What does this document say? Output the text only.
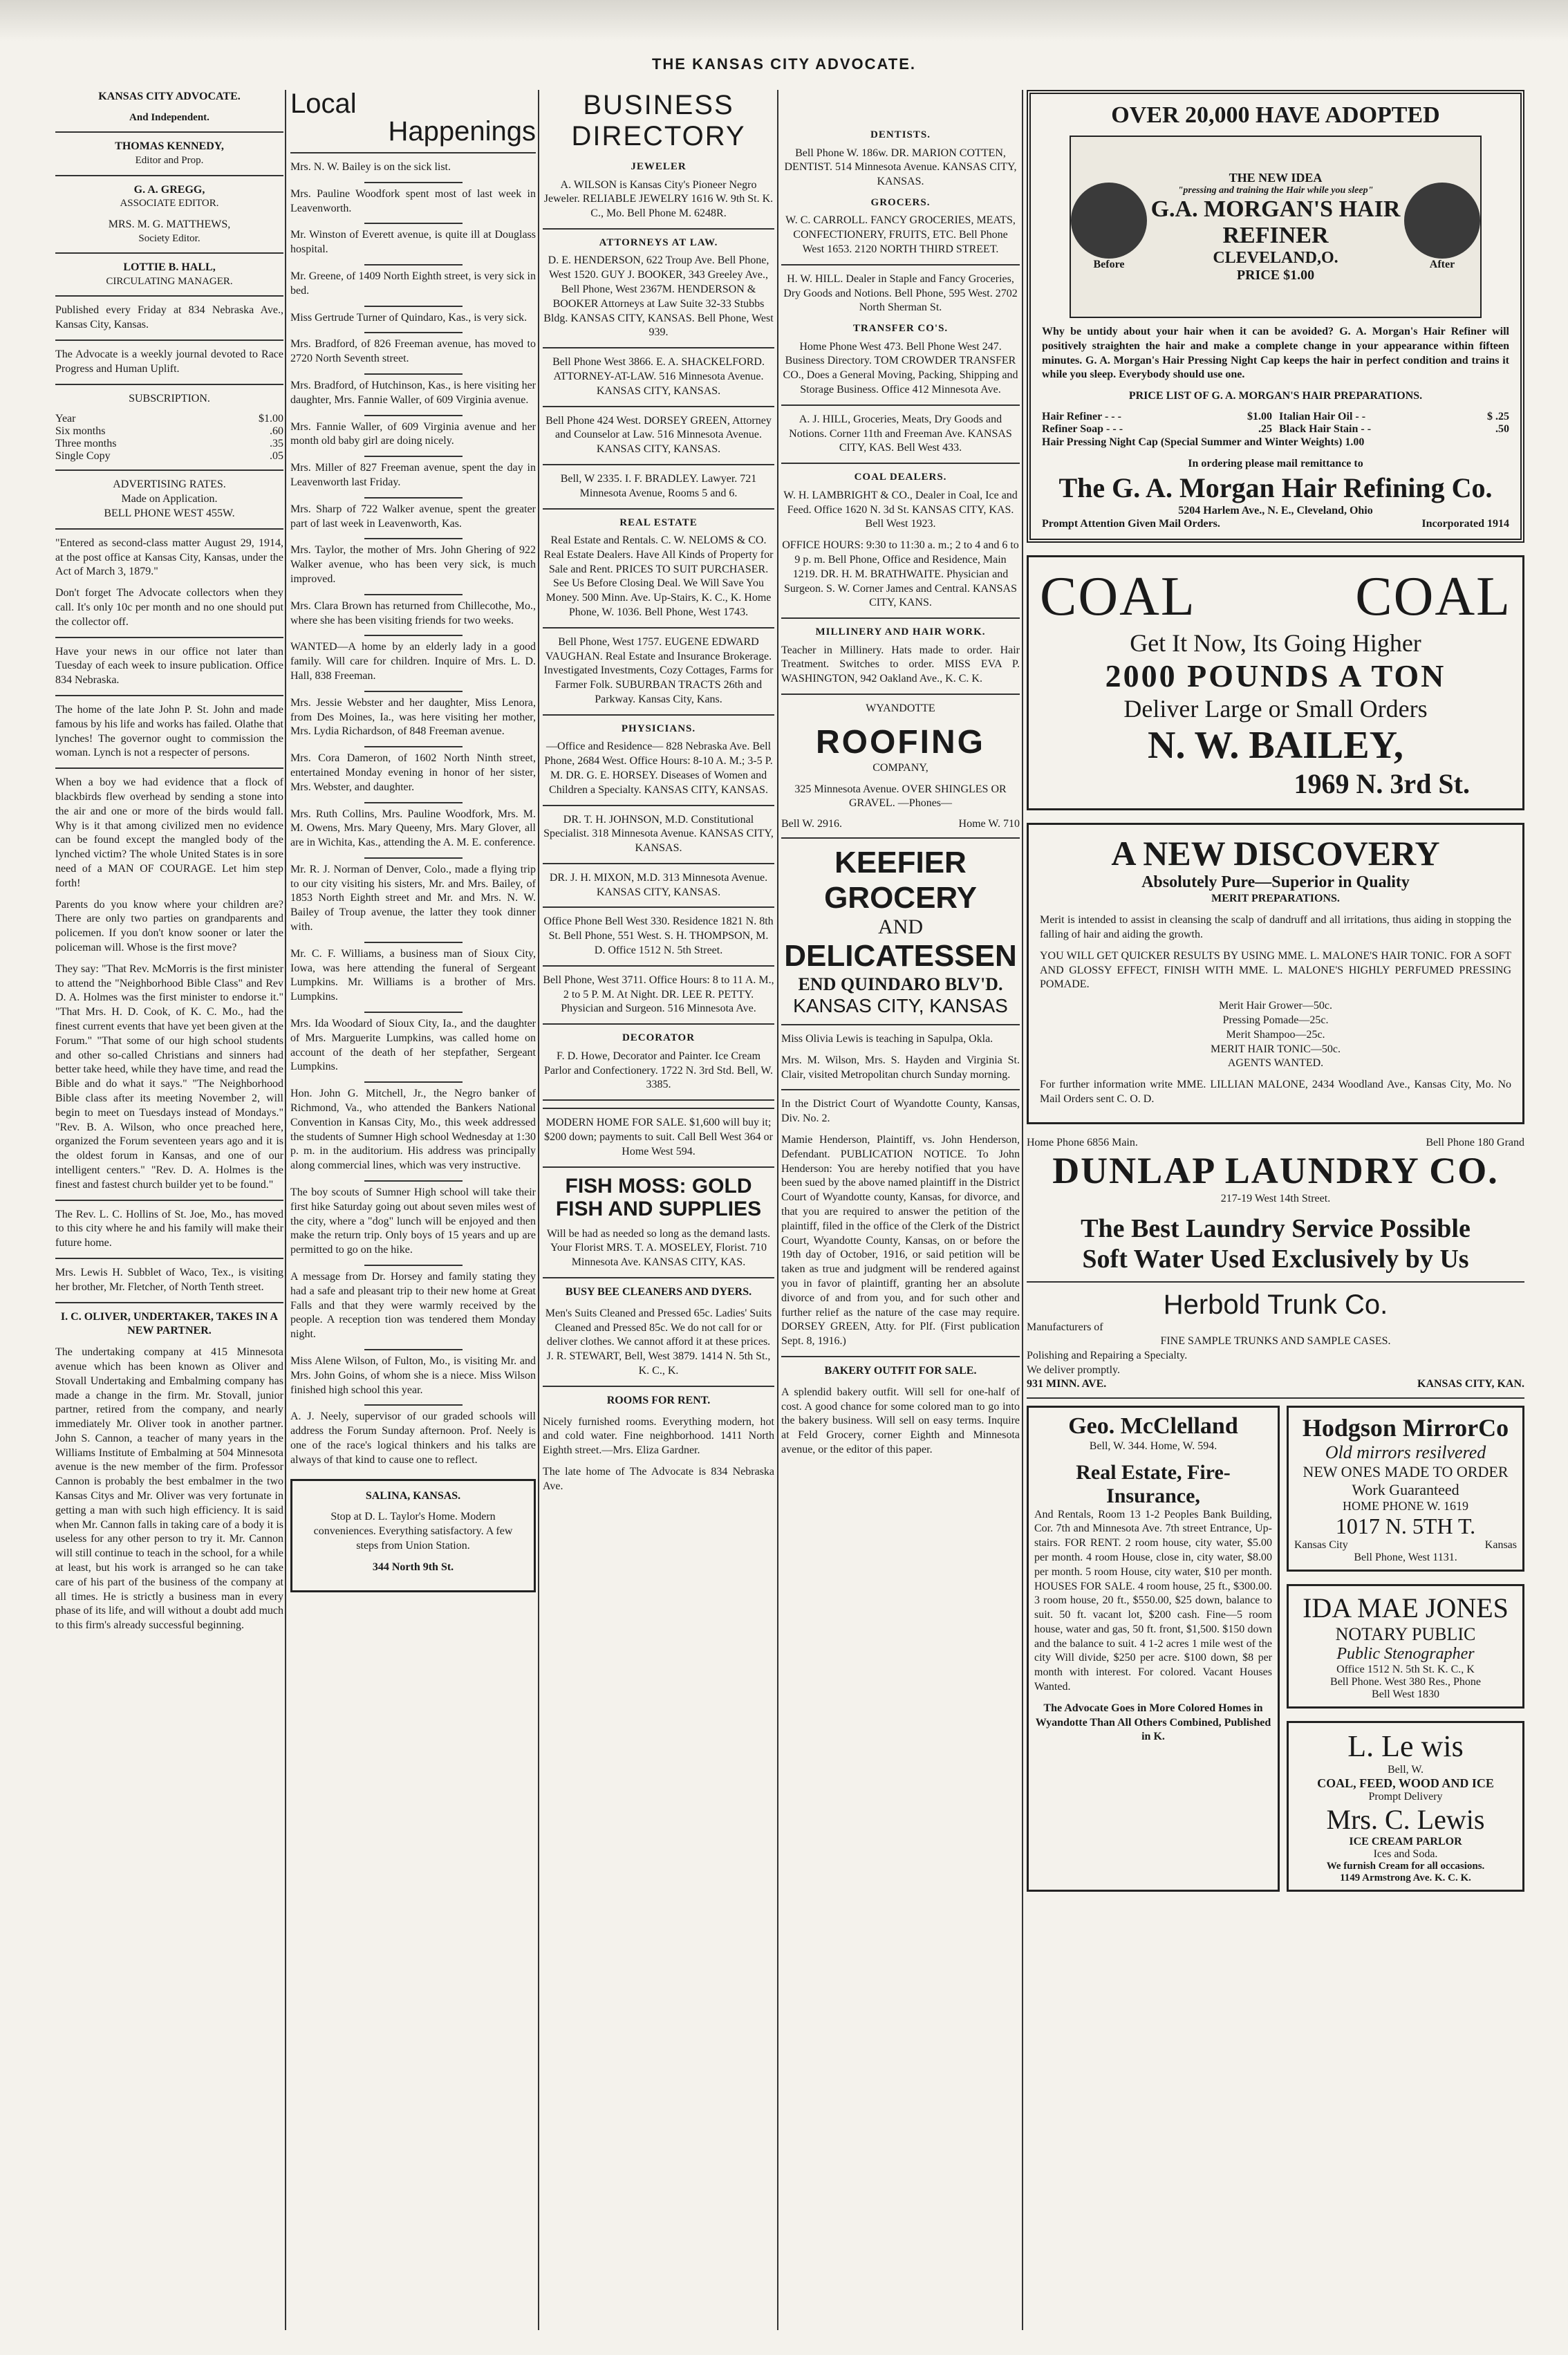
THE KANSAS CITY ADVOCATE.

KANSAS CITY ADVOCATE.

And Independent.

THOMAS KENNEDY,

Editor and Prop.

G. A. GREGG,

ASSOCIATE EDITOR.

MRS. M. G. MATTHEWS,

Society Editor.

LOTTIE B. HALL,

CIRCULATING MANAGER.

Published every Friday at 834 Nebraska Ave., Kansas City, Kansas.

The Advocate is a weekly journal devoted to Race Progress and Human Uplift.

SUBSCRIPTION.

Year	$1.00
Six months	.60
Three months	.35
Single Copy	.05

ADVERTISING RATES.

Made on Application.

BELL PHONE WEST 455W.

"Entered as second-class matter August 29, 1914, at the post office at Kansas City, Kansas, under the Act of March 3, 1879."

Don't forget The Advocate collectors when they call. It's only 10c per month and no one should put the collector off.

Have your news in our office not later than Tuesday of each week to insure publication. Office 834 Nebraska.

The home of the late John P. St. John and made famous by his life and works has failed. Olathe that lynches! The governor ought to commission the woman. Lynch is not a respecter of persons.

When a boy we had evidence that a flock of blackbirds flew overhead by sending a stone into the air and one or more of the birds would fall. Why is it that among civilized men no evidence can be found except the mangled body of the lynched victim? The whole United States is in sore need of a MAN OF COURAGE. Let him step forth!

Parents do you know where your children are? There are only two parties on grandparents and policemen. If you don't know sooner or later the policeman will. Whose is the first move?

They say: "That Rev. McMorris is the first minister to attend the "Neighborhood Bible Class" and Rev D. A. Holmes was the first minister to endorse it." "That Mrs. H. D. Cook, of K. C. Mo., had the finest current events that have yet been given at the Forum." "That some of our high school students and other so-called Christians and sinners had better take heed, while they have time, and read the Bible and do what it says." "The Neighborhood Bible class after its meeting November 2, will begin to meet on Tuesdays instead of Mondays." "Rev. B. A. Wilson, who once preached here, organized the Forum seventeen years ago and it is the oldest forum in Kansas, and one of our intelligent centers." "Rev. D. A. Holmes is the finest and fastest church builder yet to be found."

The Rev. L. C. Hollins of St. Joe, Mo., has moved to this city where he and his family will make their future home.

Mrs. Lewis H. Subblet of Waco, Tex., is visiting her brother, Mr. Fletcher, of North Tenth street.

I. C. OLIVER, UNDERTAKER, TAKES IN A NEW PARTNER.

The undertaking company at 415 Minnesota avenue which has been known as Oliver and Stovall Undertaking and Embalming company has made a change in the firm. Mr. Stovall, junior partner, retired from the company, and nearly immediately Mr. Oliver took in another partner. John S. Cannon, a teacher of many years in the Williams Institute of Embalming at 504 Minnesota avenue is the new member of the firm. Professor Cannon is probably the best embalmer in the two Kansas Citys and Mr. Oliver was very fortunate in getting a man with such high efficiency. It is said when Mr. Cannon falls in taking care of a body it is useless for any other person to try it. Mr. Cannon will still continue to teach in the school, for a while at least, but his work is arranged so he can take care of his part of the business of the company at all times. He is strictly a business man in every phase of its life, and will without a doubt add much to this firm's already successful beginning.

Local
Happenings

Mrs. N. W. Bailey is on the sick list.

Mrs. Pauline Woodfork spent most of last week in Leavenworth.

Mr. Winston of Everett avenue, is quite ill at Douglass hospital.

Mr. Greene, of 1409 North Eighth street, is very sick in bed.

Miss Gertrude Turner of Quindaro, Kas., is very sick.

Mrs. Bradford, of 826 Freeman avenue, has moved to 2720 North Seventh street.

Mrs. Bradford, of Hutchinson, Kas., is here visiting her daughter, Mrs. Fannie Waller, of 609 Virginia avenue.

Mrs. Fannie Waller, of 609 Virginia avenue and her month old baby girl are doing nicely.

Mrs. Miller of 827 Freeman avenue, spent the day in Leavenworth last Friday.

Mrs. Sharp of 722 Walker avenue, spent the greater part of last week in Leavenworth, Kas.

Mrs. Taylor, the mother of Mrs. John Ghering of 922 Walker avenue, who has been very sick, is much improved.

Mrs. Clara Brown has returned from Chillecothe, Mo., where she has been visiting friends for two weeks.

WANTED—A home by an elderly lady in a good family. Will care for children. Inquire of Mrs. L. D. Hall, 838 Freeman.

Mrs. Jessie Webster and her daughter, Miss Lenora, from Des Moines, Ia., was here visiting her mother, Mrs. Lydia Richardson, of 848 Freeman avenue.

Mrs. Cora Dameron, of 1602 North Ninth street, entertained Monday evening in honor of her sister, Mrs. Webster, and daughter.

Mrs. Ruth Collins, Mrs. Pauline Woodfork, Mrs. M. M. Owens, Mrs. Mary Queeny, Mrs. Mary Glover, all are in Wichita, Kas., attending the A. M. E. conference.

Mr. R. J. Norman of Denver, Colo., made a flying trip to our city visiting his sisters, Mr. and Mrs. Bailey, of 1853 North Eighth street and Mr. and Mrs. N. W. Bailey of Troup avenue, the latter they took dinner with.

Mr. C. F. Williams, a business man of Sioux City, Iowa, was here attending the funeral of Sergeant Lumpkins. Mr. Williams is a brother of Mrs. Lumpkins.

Mrs. Ida Woodard of Sioux City, Ia., and the daughter of Mrs. Marguerite Lumpkins, was called home on account of the death of her stepfather, Sergeant Lumpkins.

Hon. John G. Mitchell, Jr., the Negro banker of Richmond, Va., who attended the Bankers National Convention in Kansas City, Mo., this week addressed the students of Sumner High school Wednesday at 1:30 p. m. in the auditorium. His address was principally along commercial lines, which was very instructive.

The boy scouts of Sumner High school will take their first hike Saturday going out about seven miles west of the city, where a "dog" lunch will be enjoyed and then make the return trip. Only boys of 15 years and up are permitted to go on the hike.

A message from Dr. Horsey and family stating they had a safe and pleasant trip to their new home at Great Falls and that they were warmly received by the people. A reception tion was tendered them Monday night.

Miss Alene Wilson, of Fulton, Mo., is visiting Mr. and Mrs. John Goins, of whom she is a niece. Miss Wilson finished high school this year.

A. J. Neely, supervisor of our graded schools will address the Forum Sunday afternoon. Prof. Neely is one of the race's logical thinkers and his talks are always of that kind to cause one to reflect.

SALINA, KANSAS.

Stop at D. L. Taylor's Home. Modern conveniences. Everything satisfactory. A few steps from Union Station.

344 North 9th St.

BUSINESS DIRECTORY

JEWELER

A. WILSON is Kansas City's Pioneer Negro Jeweler. RELIABLE JEWELRY 1616 W. 9th St. K. C., Mo. Bell Phone M. 6248R.

ATTORNEYS AT LAW.

D. E. HENDERSON, 622 Troup Ave. Bell Phone, West 1520. GUY J. BOOKER, 343 Greeley Ave., Bell Phone, West 2367M. HENDERSON & BOOKER Attorneys at Law Suite 32-33 Stubbs Bldg. KANSAS CITY, KANSAS. Bell Phone, West 939.

Bell Phone West 3866. E. A. SHACKELFORD. ATTORNEY-AT-LAW. 516 Minnesota Avenue. KANSAS CITY, KANSAS.

Bell Phone 424 West. DORSEY GREEN, Attorney and Counselor at Law. 516 Minnesota Avenue. KANSAS CITY, KANSAS.

Bell, W 2335. I. F. BRADLEY. Lawyer. 721 Minnesota Avenue, Rooms 5 and 6.

REAL ESTATE

Real Estate and Rentals. C. W. NELOMS & CO. Real Estate Dealers. Have All Kinds of Property for Sale and Rent. PRICES TO SUIT PURCHASER. See Us Before Closing Deal. We Will Save You Money. 500 Minn. Ave. Up-Stairs, K. C., K. Home Phone, W. 1036. Bell Phone, West 1743.

Bell Phone, West 1757. EUGENE EDWARD VAUGHAN. Real Estate and Insurance Brokerage. Investigated Investments, Cozy Cottages, Farms for Farmer Folk. SUBURBAN TRACTS 26th and Parkway. Kansas City, Kans.

PHYSICIANS.

—Office and Residence— 828 Nebraska Ave. Bell Phone, 2684 West. Office Hours: 8-10 A. M.; 3-5 P. M. DR. G. E. HORSEY. Diseases of Women and Children a Specialty. KANSAS CITY, KANSAS.

DR. T. H. JOHNSON, M.D. Constitutional Specialist. 318 Minnesota Avenue. KANSAS CITY, KANSAS.

DR. J. H. MIXON, M.D. 313 Minnesota Avenue. KANSAS CITY, KANSAS.

Office Phone Bell West 330. Residence 1821 N. 8th St. Bell Phone, 551 West. S. H. THOMPSON, M. D. Office 1512 N. 5th Street.

Bell Phone, West 3711. Office Hours: 8 to 11 A. M., 2 to 5 P. M. At Night. DR. LEE R. PETTY. Physician and Surgeon. 516 Minnesota Ave.

DECORATOR

F. D. Howe, Decorator and Painter. Ice Cream Parlor and Confectionery. 1722 N. 3rd Std. Bell, W. 3385.

MODERN HOME FOR SALE. $1,600 will buy it; $200 down; payments to suit. Call Bell West 364 or Home West 594.

FISH MOSS: GOLD FISH AND SUPPLIES

Will be had as needed so long as the demand lasts. Your Florist MRS. T. A. MOSELEY, Florist. 710 Minnesota Ave. KANSAS CITY, KAS.

BUSY BEE CLEANERS AND DYERS.

Men's Suits Cleaned and Pressed 65c. Ladies' Suits Cleaned and Pressed 85c. We do not call for or deliver clothes. We cannot afford it at these prices. J. R. STEWART, Bell, West 3879. 1414 N. 5th St., K. C., K.

ROOMS FOR RENT.

Nicely furnished rooms. Everything modern, hot and cold water. Fine neighborhood. 1411 North Eighth street.—Mrs. Eliza Gardner.

The late home of The Advocate is 834 Nebraska Ave.

DENTISTS.

Bell Phone W. 186w. DR. MARION COTTEN, DENTIST. 514 Minnesota Avenue. KANSAS CITY, KANSAS.

GROCERS.

W. C. CARROLL. FANCY GROCERIES, MEATS, CONFECTIONERY, FRUITS, ETC. Bell Phone West 1653. 2120 NORTH THIRD STREET.

H. W. HILL. Dealer in Staple and Fancy Groceries, Dry Goods and Notions. Bell Phone, 595 West. 2702 North Sherman St.

TRANSFER CO'S.

Home Phone West 473. Bell Phone West 247. Business Directory. TOM CROWDER TRANSFER CO., Does a General Moving, Packing, Shipping and Storage Business. Office 412 Minnesota Ave.

A. J. HILL, Groceries, Meats, Dry Goods and Notions. Corner 11th and Freeman Ave. KANSAS CITY, KAS. Bell West 433.

COAL DEALERS.

W. H. LAMBRIGHT & CO., Dealer in Coal, Ice and Feed. Office 1620 N. 3d St. KANSAS CITY, KAS. Bell West 1923.

OFFICE HOURS: 9:30 to 11:30 a. m.; 2 to 4 and 6 to 9 p. m. Bell Phone, Office and Residence, Main 1219. DR. H. M. BRATHWAITE. Physician and Surgeon. S. W. Corner James and Central. KANSAS CITY, KANS.

MILLINERY AND HAIR WORK.

Teacher in Millinery. Hats made to order. Hair Treatment. Switches to order. MISS EVA P. WASHINGTON, 942 Oakland Ave., K. C. K.

WYANDOTTE

ROOFING

COMPANY,

325 Minnesota Avenue. OVER SHINGLES OR GRAVEL. —Phones—

Bell W. 2916.	Home W. 710
KEEFIER GROCERY
AND
DELICATESSEN
END QUINDARO BLV'D.
KANSAS CITY, KANSAS

Miss Olivia Lewis is teaching in Sapulpa, Okla.

Mrs. M. Wilson, Mrs. S. Hayden and Virginia St. Clair, visited Metropolitan church Sunday morning.

In the District Court of Wyandotte County, Kansas, Div. No. 2.

Mamie Henderson, Plaintiff, vs. John Henderson, Defendant. PUBLICATION NOTICE. To John Henderson: You are hereby notified that you have been sued by the above named plaintiff in the District Court of Wyandotte county, Kansas, for divorce, and that you are required to answer the petition of the plaintiff, filed in the office of the Clerk of the District Court, Wyandotte County, Kansas, on or before the 19th day of October, 1916, or said petition will be taken as true and judgment will be rendered against you in favor of plaintiff, granting her an absolute divorce of and from you, and for such other and further relief as the nature of the case may require. DORSEY GREEN, Atty. for Plf. (First publication Sept. 8, 1916.)

BAKERY OUTFIT FOR SALE.

A splendid bakery outfit. Will sell for one-half of cost. A good chance for some colored man to go into the bakery business. Will sell on easy terms. Inquire at Feld Grocery, corner Eighth and Minnesota avenue, or the editor of this paper.

OVER 20,000 HAVE ADOPTED
Before
THE NEW IDEA
"pressing and training the Hair while you sleep"
G.A. MORGAN'S HAIR REFINER
CLEVELAND,O.
PRICE $1.00
After

Why be untidy about your hair when it can be avoided? G. A. Morgan's Hair Refiner will positively straighten the hair and make a complete change in your appearance within fifteen minutes. G. A. Morgan's Hair Pressing Night Cap keeps the hair in perfect condition and trains it while you sleep. Everybody should use one.

PRICE LIST OF G. A. MORGAN'S HAIR PREPARATIONS.

Hair Refiner - - -	$1.00 Italian Hair Oil - -	$ .25
Refiner Soap - - -	.25 Black Hair Stain - -	.50

Hair Pressing Night Cap (Special Summer and Winter Weights) 1.00

In ordering please mail remittance to

The G. A. Morgan Hair Refining Co.

5204 Harlem Ave., N. E., Cleveland, Ohio

Prompt Attention Given Mail Orders.	Incorporated 1914
COAL	COAL
Get It Now, Its Going Higher
2000 POUNDS A TON
Deliver Large or Small Orders
N. W. BAILEY,
1969 N. 3rd St.
A NEW DISCOVERY
Absolutely Pure—Superior in Quality

MERIT PREPARATIONS.

Merit is intended to assist in cleansing the scalp of dandruff and all irritations, thus aiding in stopping the falling of hair and aiding the growth.

YOU WILL GET QUICKER RESULTS BY USING MME. L. MALONE'S HAIR TONIC. FOR A SOFT AND GLOSSY EFFECT, FINISH WITH MME. L. MALONE'S HIGHLY PERFUMED PRESSING POMADE.

Merit Hair Grower—50c.

Pressing Pomade—25c.

Merit Shampoo—25c.

MERIT HAIR TONIC—50c.

AGENTS WANTED.

For further information write MME. LILLIAN MALONE, 2434 Woodland Ave., Kansas City, Mo. No Mail Orders sent C. O. D.

Home Phone 6856 Main.	Bell Phone 180 Grand
DUNLAP LAUNDRY CO.

217-19 West 14th Street.

The Best Laundry Service Possible
Soft Water Used Exclusively by Us
Herbold Trunk Co.

Manufacturers of

FINE SAMPLE TRUNKS AND SAMPLE CASES.

Polishing and Repairing a Specialty.

We deliver promptly.

931 MINN. AVE.	KANSAS CITY, KAN.
Geo. McClelland

Bell, W. 344. Home, W. 594.

Real Estate, Fire-Insurance,

And Rentals, Room 13 1-2 Peoples Bank Building, Cor. 7th and Minnesota Ave. 7th street Entrance, Up-stairs. FOR RENT. 2 room house, city water, $5.00 per month. 4 room House, close in, city water, $8.00 per month. 5 room House, city water, $10 per month. HOUSES FOR SALE. 4 room house, 25 ft., $300.00. 3 room house, 20 ft., $550.00, $25 down, balance to suit. 50 ft. vacant lot, $200 cash. Fine—5 room house, water and gas, 50 ft. front, $1,500. $150 down and the balance to suit. 4 1-2 acres 1 mile west of the city Will divide, $250 per acre. $100 down, $8 per month with interest. For colored. Vacant Houses Wanted.

The Advocate Goes in More Colored Homes in Wyandotte Than All Others Combined, Published in K.

Hodgson MirrorCo
Old mirrors resilvered
NEW ONES MADE TO ORDER
Work Guaranteed
HOME PHONE W. 1619
1017 N. 5TH T.
Kansas City	Kansas
Bell Phone, West 1131.
IDA MAE JONES
NOTARY PUBLIC
Public Stenographer
Office 1512 N. 5th St. K. C., K
Bell Phone. West 380 Res., Phone
Bell West 1830
L. Le wis
Bell, W.
COAL, FEED, WOOD AND ICE
Prompt Delivery
Mrs. C. Lewis
ICE CREAM PARLOR
Ices and Soda.
We furnish Cream for all occasions.
1149 Armstrong Ave. K. C. K.
